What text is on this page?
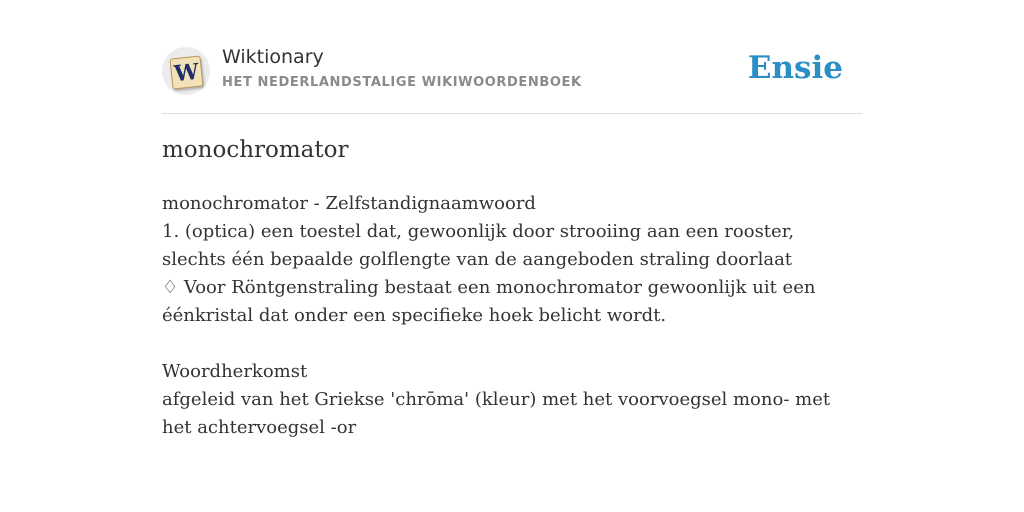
W
Wiktionary
HET NEDERLANDSTALIGE WIKIWOORDENBOEK	Ensie
monochromator

monochromator - Zelfstandignaamwoord

1. (optica) een toestel dat, gewoonlijk door strooiing aan een rooster, slechts één bepaalde golflengte van de aangeboden straling doorlaat

♢ Voor Röntgenstraling bestaat een monochromator gewoonlijk uit een éénkristal dat onder een specifieke hoek belicht wordt.

Woordherkomst

afgeleid van het Griekse 'chrōma' (kleur) met het voorvoegsel mono- met het achtervoegsel -or
